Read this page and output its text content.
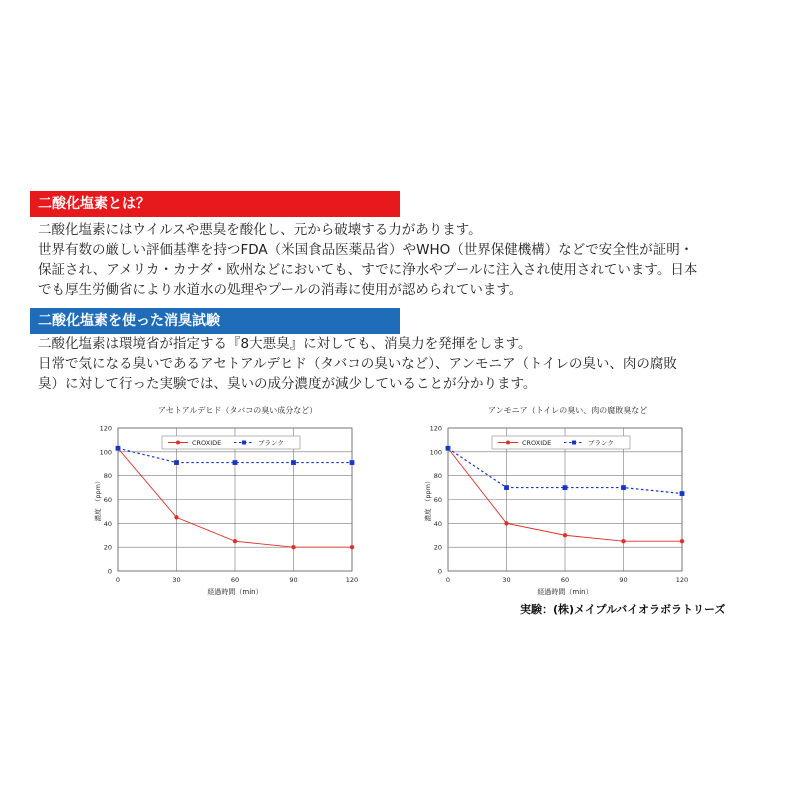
二酸化塩素とは？
二酸化塩素にはウイルスや悪臭を酸化し、元から破壊する力があります。
世界有数の厳しい評価基準を持つFDA（米国食品医薬品省）やWHO（世界保健機構）などで安全性が証明・
保証され、アメリカ・カナダ・欧州などにおいても、すでに浄水やプールに注入され使用されています。日本
でも厚生労働省により水道水の処理やプールの消毒に使用が認められています。
二酸化塩素を使った消臭試験
二酸化塩素は環境省が指定する『8大悪臭』に対しても、消臭力を発揮をします。
日常で気になる臭いであるアセトアルデヒド（タバコの臭いなど）、アンモニア（トイレの臭い、肉の腐敗
臭）に対して行った実験では、臭いの成分濃度が減少していることが分かります。
アセトアルデヒド（タバコの臭い成分など）
0
20
40
60
80
100
120
0	30	60	90	120
経過時間（min）
濃度　（ppm）
CROXIDE	ブランク
アンモニア（トイレの臭い、肉の腐敗臭など
0
20
40
60
80
100
120
0	30	60	90	120
経過時間（min）
濃度　（ppm）
CROXIDE	ブランク
実験：(株)メイプルバイオラボラトリーズ
